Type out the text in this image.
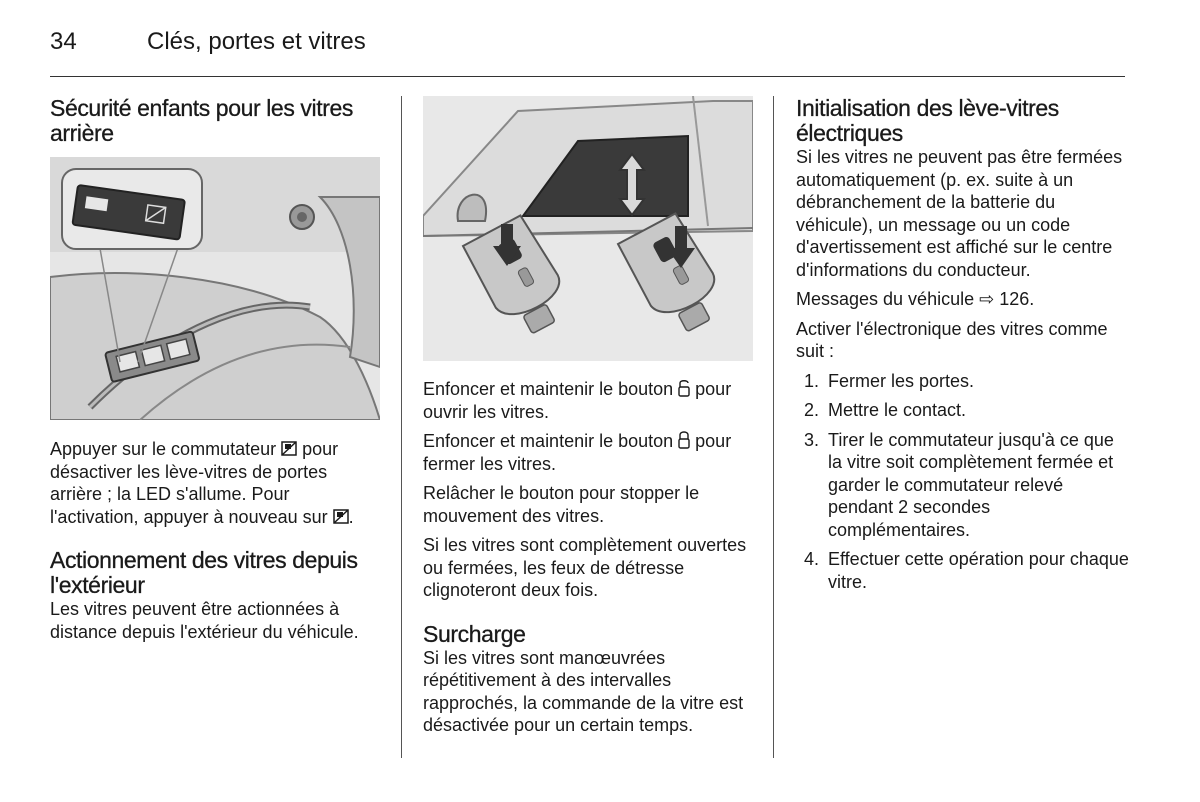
34	Clés, portes et vitres
Sécurité enfants pour les vitres arrière

Appuyer sur le commutateur  pour désactiver les lève-vitres de portes arrière ; la LED s'allume. Pour l'activation, appuyer à nouveau sur .

Actionnement des vitres depuis l'extérieur

Les vitres peuvent être actionnées à distance depuis l'extérieur du véhicule.

Enfoncer et maintenir le bouton  pour ouvrir les vitres.

Enfoncer et maintenir le bouton  pour fermer les vitres.

Relâcher le bouton pour stopper le mouvement des vitres.

Si les vitres sont complètement ouvertes ou fermées, les feux de détresse clignoteront deux fois.

Surcharge

Si les vitres sont manœuvrées répétitivement à des intervalles rapprochés, la commande de la vitre est désactivée pour un certain temps.

Initialisation des lève-vitres électriques

Si les vitres ne peuvent pas être fermées automatiquement (p. ex. suite à un débranchement de la batterie du véhicule), un message ou un code d'avertissement est affiché sur le centre d'informations du conducteur.

Messages du véhicule ⇨ 126.

Activer l'électronique des vitres comme suit :

1. Fermer les portes.
2. Mettre le contact.
3. Tirer le commutateur jusqu'à ce que la vitre soit complètement fermée et garder le commutateur relevé pendant 2 secondes complémentaires.
4. Effectuer cette opération pour chaque vitre.
